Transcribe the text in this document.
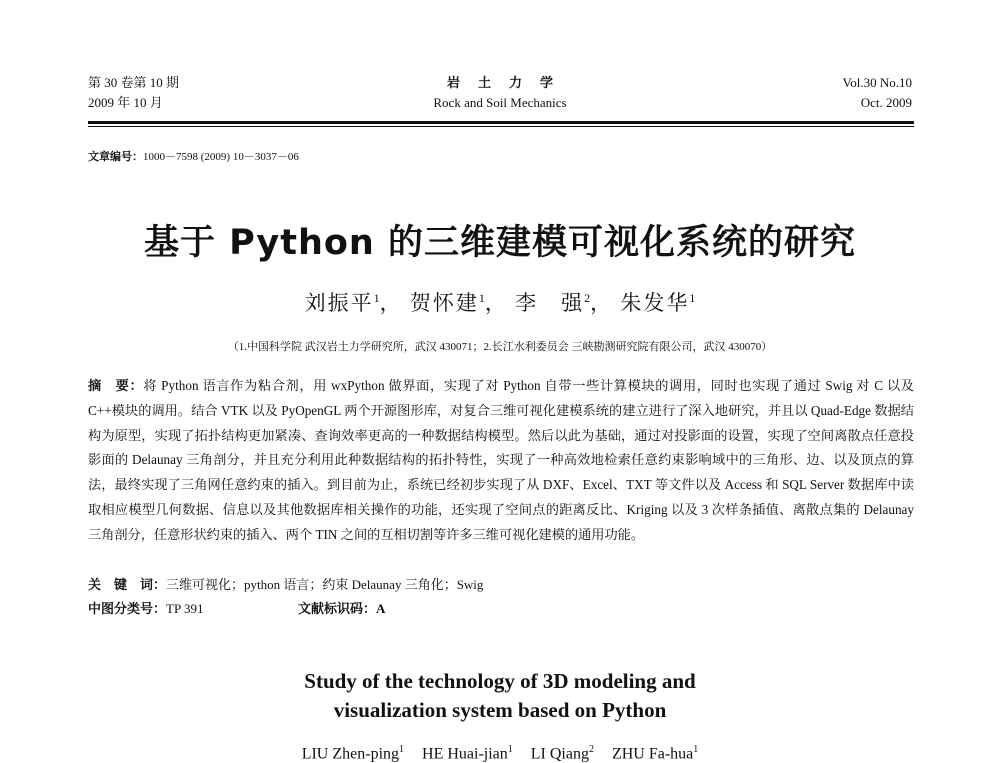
第 30 卷第 10 期
2009 年 10 月
岩土力学
Rock and Soil Mechanics
Vol.30 No.10
Oct. 2009
文章编号：1000－7598 (2009) 10－3037－06
基于 Python 的三维建模可视化系统的研究
刘振平$^1$， 贺怀建$^1$， 李　强$^2$， 朱发华$^1$
（1.中国科学院 武汉岩土力学研究所，武汉 430071；2.长江水利委员会 三峡勘测研究院有限公司，武汉 430070）
摘　要：将 Python 语言作为粘合剂，用 wxPython 做界面，实现了对 Python 自带一些计算模块的调用，同时也实现了通过 Swig 对 C 以及 C++模块的调用。结合 VTK 以及 PyOpenGL 两个开源图形库，对复合三维可视化建模系统的建立进行了深入地研究，并且以 Quad-Edge 数据结构为原型，实现了拓扑结构更加紧凑、查询效率更高的一种数据结构模型。然后以此为基础，通过对投影面的设置，实现了空间离散点任意投影面的 Delaunay 三角剖分，并且充分利用此种数据结构的拓扑特性，实现了一种高效地检索任意约束影响域中的三角形、边、以及顶点的算法，最终实现了三角网任意约束的插入。到目前为止，系统已经初步实现了从 DXF、Excel、TXT 等文件以及 Access 和 SQL Server 数据库中读取相应模型几何数据、信息以及其他数据库相关操作的功能，还实现了空间点的距离反比、Kriging 以及 3 次样条插值、离散点集的 Delaunay 三角剖分，任意形状约束的插入、两个 TIN 之间的互相切割等许多三维可视化建模的通用功能。
关　键　词：三维可视化；python 语言；约束 Delaunay 三角化；Swig
中图分类号：TP 391	文献标识码：A
Study of the technology of 3D modeling and
visualization system based on Python
LIU Zhen-ping$^1$ HE Huai-jian$^1$ LI Qiang$^2$ ZHU Fa-hua$^1$
